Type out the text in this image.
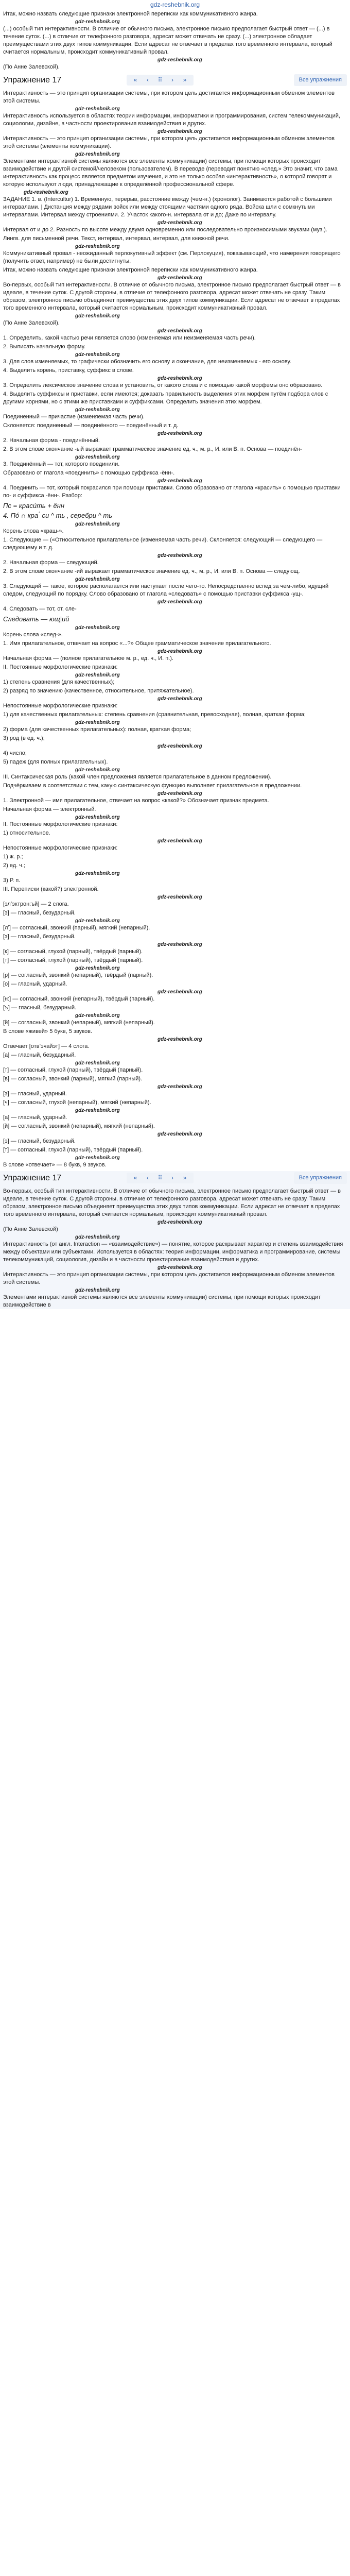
gdz-reshebnik.org

Итак, можно назвать следующие признаки электронной переписки как коммуникативного жанра.

gdz-reshebnik.org

(...) особый тип интерактивности. В отличие от обычного письма, электронное письмо предполагает быстрый ответ — (...) в течение суток. (...) в отличие от телефонного разговора, адресат может отвечать не сразу. (...) электронное обладает преимуществами этих двух типов коммуникации. Если адресат не отвечает в пределах того временного интервала, который считается нормальным, происходит коммуникативный провал.

gdz-reshebnik.org

(По Анне Залевской).

Упражнение 17	«	‹	⠿	›	»	Все упражнения

Интерактивность — это принцип организации системы, при котором цель достигается информационным обменом элементов этой системы.

gdz-reshebnik.org

Интерактивность используется в областях теории информации, информатики и программирования, систем телекоммуникаций, социологии, дизайне, в частности проектирования взаимодействия и других.

gdz-reshebnik.org

Интерактивность — это принцип организации системы, при котором цель достигается информационным обменом элементов этой системы (элементы коммуникации).

gdz-reshebnik.org

Элементами интерактивной системы являются все элементы коммуникации) системы, при помощи которых происходит взаимодействие и другой системой/человеком (пользователем). В переводе (переводит понятию «след.» Это значит, что сама интерактивность как процесс является предметом изучения, и это не только особая «интерактивность», о которой говорят и которую используют люди, принадлежащие к определённой профессиональной сфере.

gdz-reshebnik.org

ЗАДАНИЕ 1. в. (Intercultur) 1. Временную, перерыв, расстояние между (чем-н.) (хронолог). Занимаются работой с большими интервалами. | Дистанция между рядами войск или между стоящими частями одного ряда. Войска шли с сомкнутыми интервалами. Интервал между строениями. 2. Участок какого-н. интервала от и до; Даже по интервалу.

gdz-reshebnik.org

Интервал от и до 2. Разность по высоте между двумя одновременно или последовательно произносимыми звуками (муз.).

Лингв. для письменной речи. Текст, интервал, интервал, интервал, для книжной речи.

gdz-reshebnik.org

Коммуникативный провал - неожиданный перлокутивный эффект (см. Перлокуция), показывающий, что намерения говорящего (получить ответ, например) не были достигнуты.

Итак, можно назвать следующие признаки электронной переписки как коммуникативного жанра.

gdz-reshebnik.org

Во-первых, особый тип интерактивности. В отличие от обычного письма, электронное письмо предполагает быстрый ответ — в идеале, в течение суток. С другой стороны, в отличие от телефонного разговора, адресат может отвечать не сразу. Таким образом, электронное письмо объединяет преимущества этих двух типов коммуникации. Если адресат не отвечает в пределах того временного интервала, который считается нормальным, происходит коммуникативный провал.

gdz-reshebnik.org

(По Анне Залевской).

gdz-reshebnik.org

1. Определить, какой частью речи является слово (изменяемая или неизменяемая часть речи).

2. Выписать начальную форму.

gdz-reshebnik.org

3. Для слов изменяемых, то графически обозначить его основу и окончание, для неизменяемых - его основу.

4. Выделить корень, приставку, суффикс в слове.

gdz-reshebnik.org

3. Определить лексическое значение слова и установить, от какого слова и с помощью какой морфемы оно образовано.

4. Выделить суффиксы и приставки, если имеются; доказать правильность выделения этих морфем путём подбора слов с другими корнями, но с этими же приставками и суффиксами. Определить значения этих морфем.

gdz-reshebnik.org

Поединенный — причастие (изменяемая часть речи).

Склоняется: поединенный — поединённого — поединённый и т. д.

gdz-reshebnik.org

2. Начальная форма - поединённый.

2. В этом слове окончание -ый выражает грамматическое значение ед. ч., м. р., И. или В. п. Основа — поединён-

gdz-reshebnik.org

3. Поединённый — тот, которого поединили.

Образовано от глагола «поединить» с помощью суффикса -ённ-.

gdz-reshebnik.org

4. Поединить — тот, который покрасился при помощи приставки. Слово образовано от глагола «красить» с помощью приставки по- и суффикса -ённ-. Разбор:

Пс = краси́ть + ённ
4. По́ ∩ кра ́ си ^ ть , серебри ^ ть
gdz-reshebnik.org

Корень слова «краш-».

1. Следующие — («Относительное прилагательное (изменяемая часть речи). Склоняется: следующий — следующего — следующему и т. д.

gdz-reshebnik.org

2. Начальная форма — следующий.

2. В этом слове окончание -ий выражает грамматическое значение ед. ч., м. р., И. или В. п. Основа — следующ.

gdz-reshebnik.org

3. Следующий — такое, которое располагается или наступает после чего-то. Непосредственно вслед за чем-либо, идущий следом, следующий по порядку. Слово образовано от глагола «следовать» с помощью приставки суффикса -ущ-.

gdz-reshebnik.org

4. Следовать — тот, от, сле-

Следовать — ющ|ий
gdz-reshebnik.org

Корень слова «след-».

1. Имя прилагательное, отвечает на вопрос «...?» Общее грамматическое значение прилагательного.

gdz-reshebnik.org

Начальная форма — (полное прилагательное м. р., ед. ч., И. п.).

II. Постоянные морфологические признаки:

gdz-reshebnik.org

1) степень сравнения (для качественных);

2) разряд по значению (качественное, относительное, притяжательное).

gdz-reshebnik.org

Непостоянные морфологические признаки:

1) для качественных прилагательных: степень сравнения (сравнительная, превосходная), полная, краткая форма;

gdz-reshebnik.org

2) форма (для качественных прилагательных): полная, краткая форма;

3) род (в ед. ч.);

gdz-reshebnik.org

4) число;

5) падеж (для полных прилагательных).

gdz-reshebnik.org

III. Синтаксическая роль (какой член предложения является прилагательное в данном предложении).

Подчёркиваем в соответствии с тем, какую синтаксическую функцию выполняет прилагательное в предложении.

gdz-reshebnik.org

1. Электронной — имя прилагательное, отвечает на вопрос «какой?» Обозначает признак предмета.

Начальная форма — электронный.

gdz-reshebnik.org

II. Постоянные морфологические признаки:

1) относительное.

gdz-reshebnik.org

Непостоянные морфологические признаки:

1) ж. р.;

2) ед. ч.;

gdz-reshebnik.org

3) Р. п.

III. Переписки (какой?) электронной.

gdz-reshebnik.org

[элʼэктрон:ъй] — 2 слога.

[э] — гласный, безударный.

gdz-reshebnik.org

[лʼ] — согласный, звонкий (парный), мягкий (непарный).

[э] — гласный, безударный.

gdz-reshebnik.org

[к] — согласный, глухой (парный), твёрдый (парный).

[т] — согласный, глухой (парный), твёрдый (парный).

gdz-reshebnik.org

[р] — согласный, звонкий (непарный), твёрдый (парный).

[о] — гласный, ударный.

gdz-reshebnik.org

[н:] — согласный, звонкий (непарный), твёрдый (парный).

[ъ] — гласный, безударный.

gdz-reshebnik.org

[й] — согласный, звонкий (непарный), мягкий (непарный).

В слове «живей» 5 букв, 5 звуков.

gdz-reshebnik.org

Отвечает [отвʼэчайэт] — 4 слога.

[а] — гласный, безударный.

gdz-reshebnik.org

[т] — согласный, глухой (парный), твёрдый (парный).

[в] — согласный, звонкий (парный), мягкий (парный).

gdz-reshebnik.org

[э] — гласный, ударный.

[ч] — согласный, глухой (непарный), мягкий (непарный).

gdz-reshebnik.org

[а] — гласный, ударный.

[й] — согласный, звонкий (непарный), мягкий (непарный).

gdz-reshebnik.org

[э] — гласный, безударный.

[т] — согласный, глухой (парный), твёрдый (парный).

gdz-reshebnik.org

В слове «отвечает» — 8 букв, 9 звуков.

Упражнение 17	«	‹	⠿	›	»	Все упражнения

Во-первых, особый тип интерактивности. В отличие от обычного письма, электронное письмо предполагает быстрый ответ — в идеале, в течение суток. С другой стороны, в отличие от телефонного разговора, адресат может отвечать не сразу. Таким образом, электронное письмо объединяет преимущества этих двух типов коммуникации. Если адресат не отвечает в пределах того временного интервала, который считается нормальным, происходит коммуникативный провал.

gdz-reshebnik.org

(По Анне Залевской)

gdz-reshebnik.org

Интерактивность (от англ. Interaction — «взаимодействие») — понятие, которое раскрывает характер и степень взаимодействия между объектами или субъектами. Используется в областях: теория информации, информатика и программирование, системы телекоммуникаций, социология, дизайн и в частности проектирование взаимодействия и других.

gdz-reshebnik.org

Интерактивность — это принцип организации системы, при котором цель достигается информационным обменом элементов этой системы.

gdz-reshebnik.org

Элементами интерактивной системы являются все элементы коммуникации) системы, при помощи которых происходит взаимодействие в
